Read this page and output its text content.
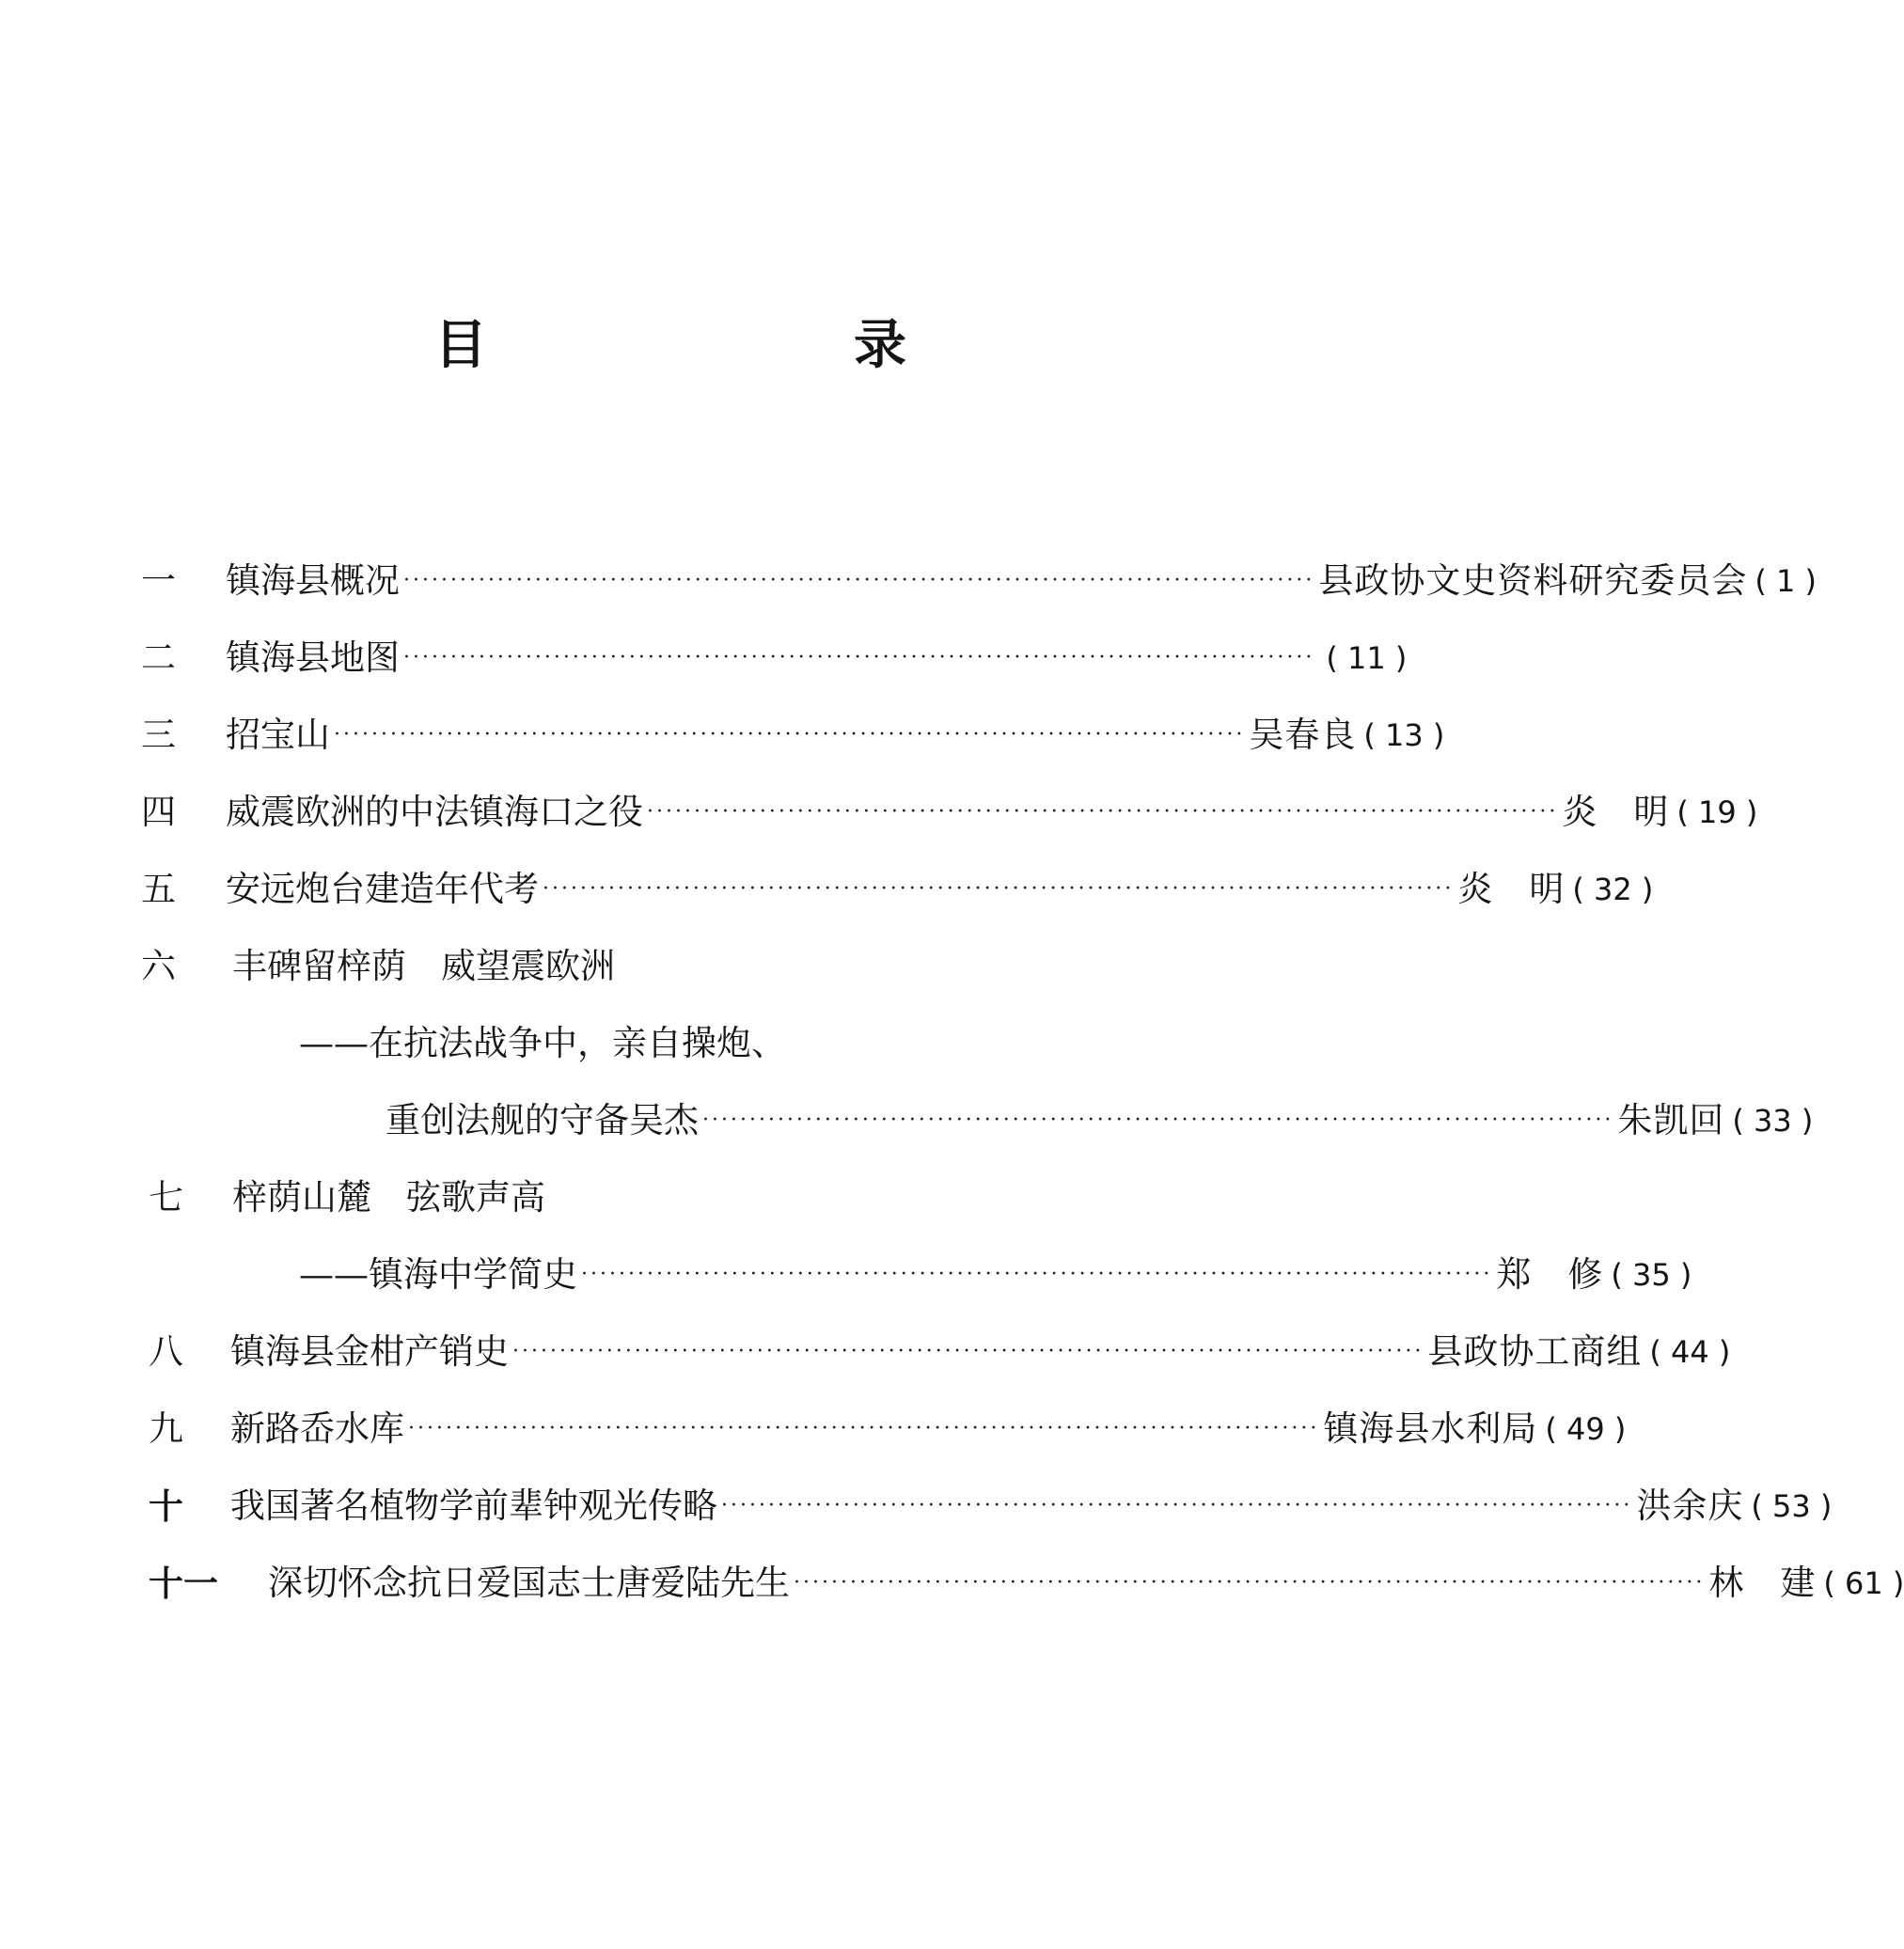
目	录
一 镇海县概况 ································································································· 县政协文史资料研究委员会 ( 1 )
二 镇海县地图 ································································································· ( 11 )
三 招宝山 ································································································· 吴春良 ( 13 )
四 威震欧洲的中法镇海口之役 ································································································· 炎　明 ( 19 )
五 安远炮台建造年代考 ································································································· 炎　明 ( 32 )
六 丰碑留梓荫　威望震欧洲
——在抗法战争中，亲自操炮、
重创法舰的守备吴杰 ································································································· 朱凯回 ( 33 )
七 梓荫山麓　弦歌声高
——镇海中学简史 ································································································· 郑　修 ( 35 )
八 镇海县金柑产销史 ································································································· 县政协工商组 ( 44 )
九 新路岙水库 ································································································· 镇海县水利局 ( 49 )
十 我国著名植物学前辈钟观光传略 ································································································· 洪余庆 ( 53 )
十一 深切怀念抗日爱国志士唐爱陆先生 ································································································· 林　建 ( 61 )
